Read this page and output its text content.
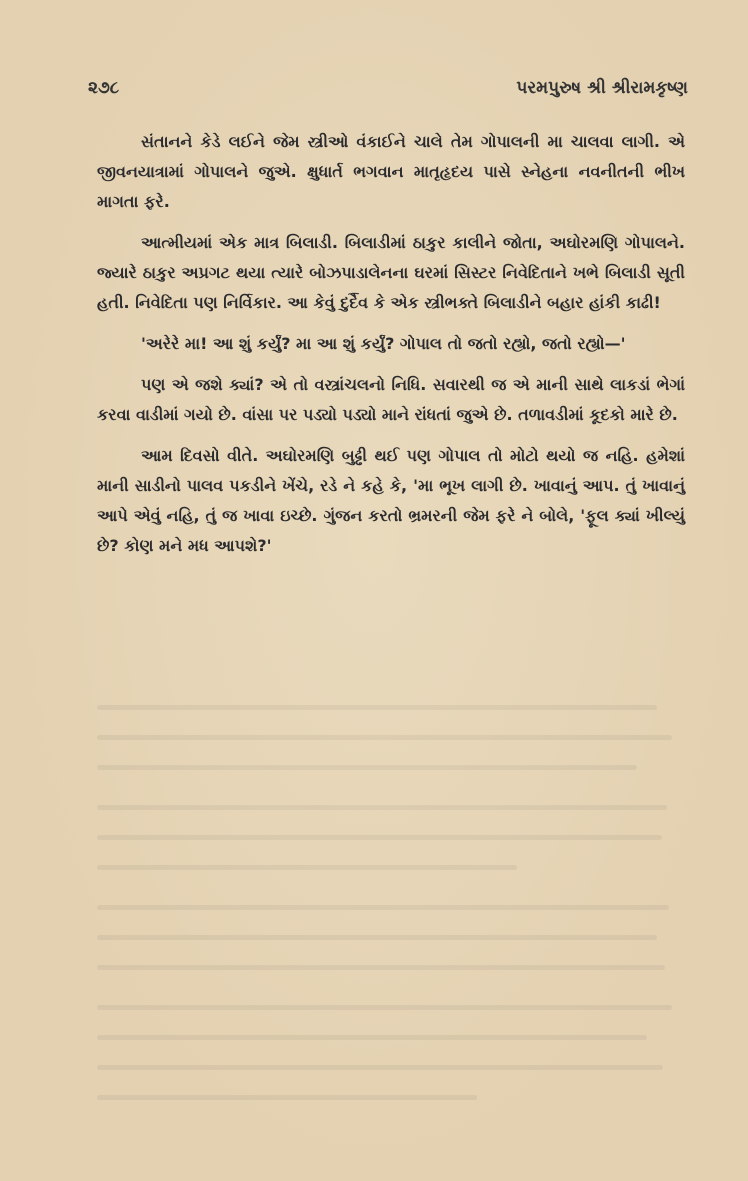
૨૭૮	પરમપુરુષ શ્રી શ્રીરામકૃષ્ણ

સંતાનને કેડે લઈને જેમ સ્ત્રીઓ વંકાઈને ચાલે તેમ ગોપાલની મા ચાલવા લાગી. એ જીવનયાત્રામાં ગોપાલને જુએ. ક્ષુધાર્ત ભગવાન માતૃહૃદય પાસે સ્નેહના નવનીતની ભીખ માગતા ફરે.

આત્મીયમાં એક માત્ર બિલાડી. બિલાડીમાં ઠાકુર કાલીને જોતા, અઘોરમણિ ગોપાલને. જ્યારે ઠાકુર અપ્રગટ થયા ત્યારે બોઝપાડાલેનના ઘરમાં સિસ્ટર નિવેદિતાને ખભે બિલાડી સૂતી હતી. નિવેદિતા પણ નિર્વિકાર. આ કેવું દુર્દૈવ કે એક સ્ત્રીભક્તે બિલાડીને બહાર હાંકી કાઢી!

'અરેરે મા! આ શું કર્યું? મા આ શું કર્યું? ગોપાલ તો જતો રહ્યો, જતો રહ્યો—'

પણ એ જશે ક્યાં? એ તો વસ્ત્રાંચલનો નિધિ. સવારથી જ એ માની સાથે લાકડાં ભેગાં કરવા વાડીમાં ગયો છે. વાંસા પર પડ્યો પડ્યો માને રાંધતાં જુએ છે. તળાવડીમાં કૂદકો મારે છે.

આમ દિવસો વીતે. અઘોરમણિ બુઢ્ઢી થઈ પણ ગોપાલ તો મોટો થયો જ નહિ. હમેશાં માની સાડીનો પાલવ પકડીને ખેંચે, રડે ને કહે કે, 'મા ભૂખ લાગી છે. ખાવાનું આપ. તું ખાવાનું આપે એવું નહિ, તું જ ખાવા ઇચ્છે. ગુંજન કરતો ભ્રમરની જેમ ફરે ને બોલે, 'ફૂલ ક્યાં ખીલ્યું છે? કોણ મને મધ આપશે?'
